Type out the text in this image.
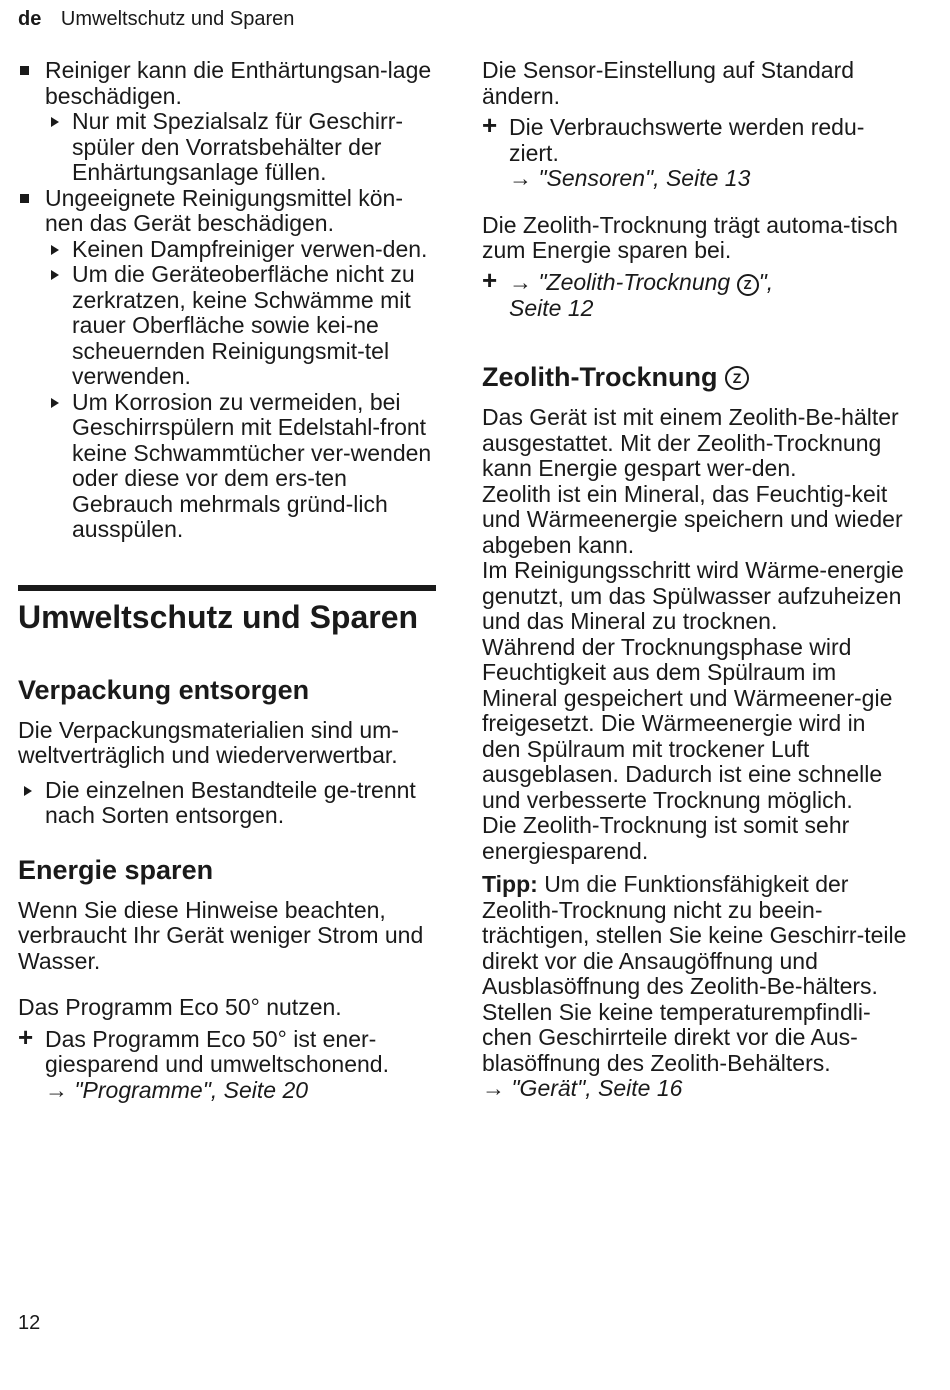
de Umweltschutz und Sparen

Reiniger kann die Enthärtungsan-lage beschädigen.

Nur mit Spezialsalz für Geschirr-spüler den Vorratsbehälter der Enhärtungsanlage füllen.

Ungeeignete Reinigungsmittel kön-nen das Gerät beschädigen.

Keinen Dampfreiniger verwen-den.

Um die Geräteoberfläche nicht zu zerkratzen, keine Schwämme mit rauer Oberfläche sowie kei-ne scheuernden Reinigungsmit-tel verwenden.

Um Korrosion zu vermeiden, bei Geschirrspülern mit Edelstahl-front keine Schwammtücher ver-wenden oder diese vor dem ers-ten Gebrauch mehrmals gründ-lich ausspülen.

Umweltschutz und Sparen
Verpackung entsorgen

Die Verpackungsmaterialien sind um-weltverträglich und wiederverwertbar.

Die einzelnen Bestandteile ge-trennt nach Sorten entsorgen.

Energie sparen

Wenn Sie diese Hinweise beachten, verbraucht Ihr Gerät weniger Strom und Wasser.

Das Programm Eco 50° nutzen.

+ Das Programm Eco 50° ist ener-giesparend und umweltschonend.

→ "Programme", Seite 20

Die Sensor-Einstellung auf Standard ändern.

+ Die Verbrauchswerte werden redu-ziert.

→ "Sensoren", Seite 13

Die Zeolith-Trocknung trägt automa-tisch zum Energie sparen bei.

+ → "Zeolith-Trocknung Z ",

Seite 12

Zeolith-Trocknung Z

Das Gerät ist mit einem Zeolith-Be-hälter ausgestattet. Mit der Zeolith-Trocknung kann Energie gespart wer-den.

Zeolith ist ein Mineral, das Feuchtig-keit und Wärmeenergie speichern und wieder abgeben kann.

Im Reinigungsschritt wird Wärme-energie genutzt, um das Spülwasser aufzuheizen und das Mineral zu trocknen.

Während der Trocknungsphase wird Feuchtigkeit aus dem Spülraum im Mineral gespeichert und Wärmeener-gie freigesetzt. Die Wärmeenergie wird in den Spülraum mit trockener Luft ausgeblasen. Dadurch ist eine schnelle und verbesserte Trocknung möglich.

Die Zeolith-Trocknung ist somit sehr energiesparend.

Tipp: Um die Funktionsfähigkeit der Zeolith-Trocknung nicht zu beein-trächtigen, stellen Sie keine Geschirr-teile direkt vor die Ansaugöffnung und Ausblasöffnung des Zeolith-Be-hälters.

Stellen Sie keine temperaturempfindli-chen Geschirrteile direkt vor die Aus-blasöffnung des Zeolith-Behälters.

→ "Gerät", Seite 16

12
